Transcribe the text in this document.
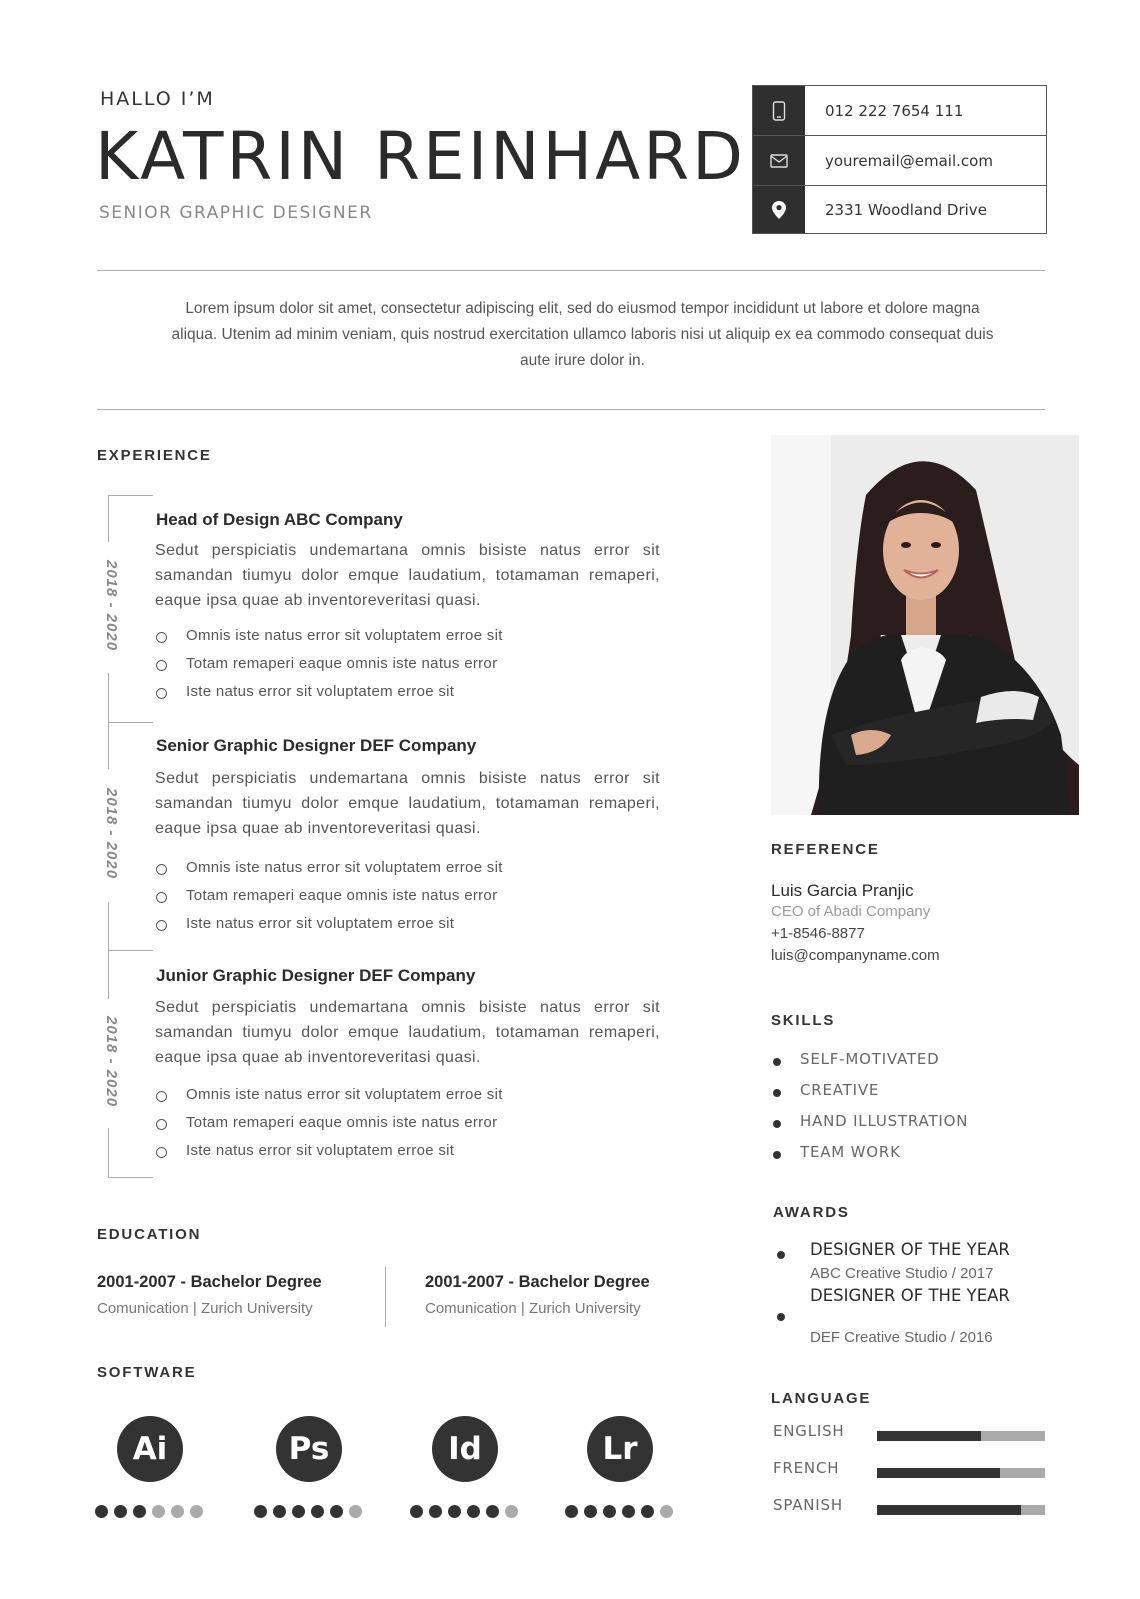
HALLO I’M
KATRIN REINHARD
SENIOR GRAPHIC DESIGNER
012 222 7654 111
youremail@email.com
2331 Woodland Drive
Lorem ipsum dolor sit amet, consectetur adipiscing elit, sed do eiusmod tempor incididunt ut labore et dolore magna aliqua. Utenim ad minim veniam, quis nostrud exercitation ullamco laboris nisi ut aliquip ex ea commodo consequat duis aute irure dolor in.
EXPERIENCE
2018 - 2020
2018 - 2020
2018 - 2020
Head of Design ABC Company
Sedut perspiciatis undemartana omnis bisiste natus error sit samandan tiumyu dolor emque laudatium, totamaman remaperi, eaque ipsa quae ab inventoreveritasi quasi.
Omnis iste natus error sit voluptatem erroe sit
Totam remaperi eaque omnis iste natus error
Iste natus error sit voluptatem erroe sit
Senior Graphic Designer DEF Company
Sedut perspiciatis undemartana omnis bisiste natus error sit samandan tiumyu dolor emque laudatium, totamaman remaperi, eaque ipsa quae ab inventoreveritasi quasi.
Omnis iste natus error sit voluptatem erroe sit
Totam remaperi eaque omnis iste natus error
Iste natus error sit voluptatem erroe sit
Junior Graphic Designer DEF Company
Sedut perspiciatis undemartana omnis bisiste natus error sit samandan tiumyu dolor emque laudatium, totamaman remaperi, eaque ipsa quae ab inventoreveritasi quasi.
Omnis iste natus error sit voluptatem erroe sit
Totam remaperi eaque omnis iste natus error
Iste natus error sit voluptatem erroe sit
EDUCATION
2001-2007 - Bachelor Degree
Comunication | Zurich University
2001-2007 - Bachelor Degree
Comunication | Zurich University
SOFTWARE
Ai	Ps	Id	Lr
REFERENCE
Luis Garcia Pranjic
CEO of Abadi Company
+1-8546-8877
luis@companyname.com
SKILLS
SELF-MOTIVATED
CREATIVE
HAND ILLUSTRATION
TEAM WORK
AWARDS
DESIGNER OF THE YEAR
ABC Creative Studio / 2017
DESIGNER OF THE YEAR
DEF Creative Studio / 2016
LANGUAGE
ENGLISH
FRENCH
SPANISH
